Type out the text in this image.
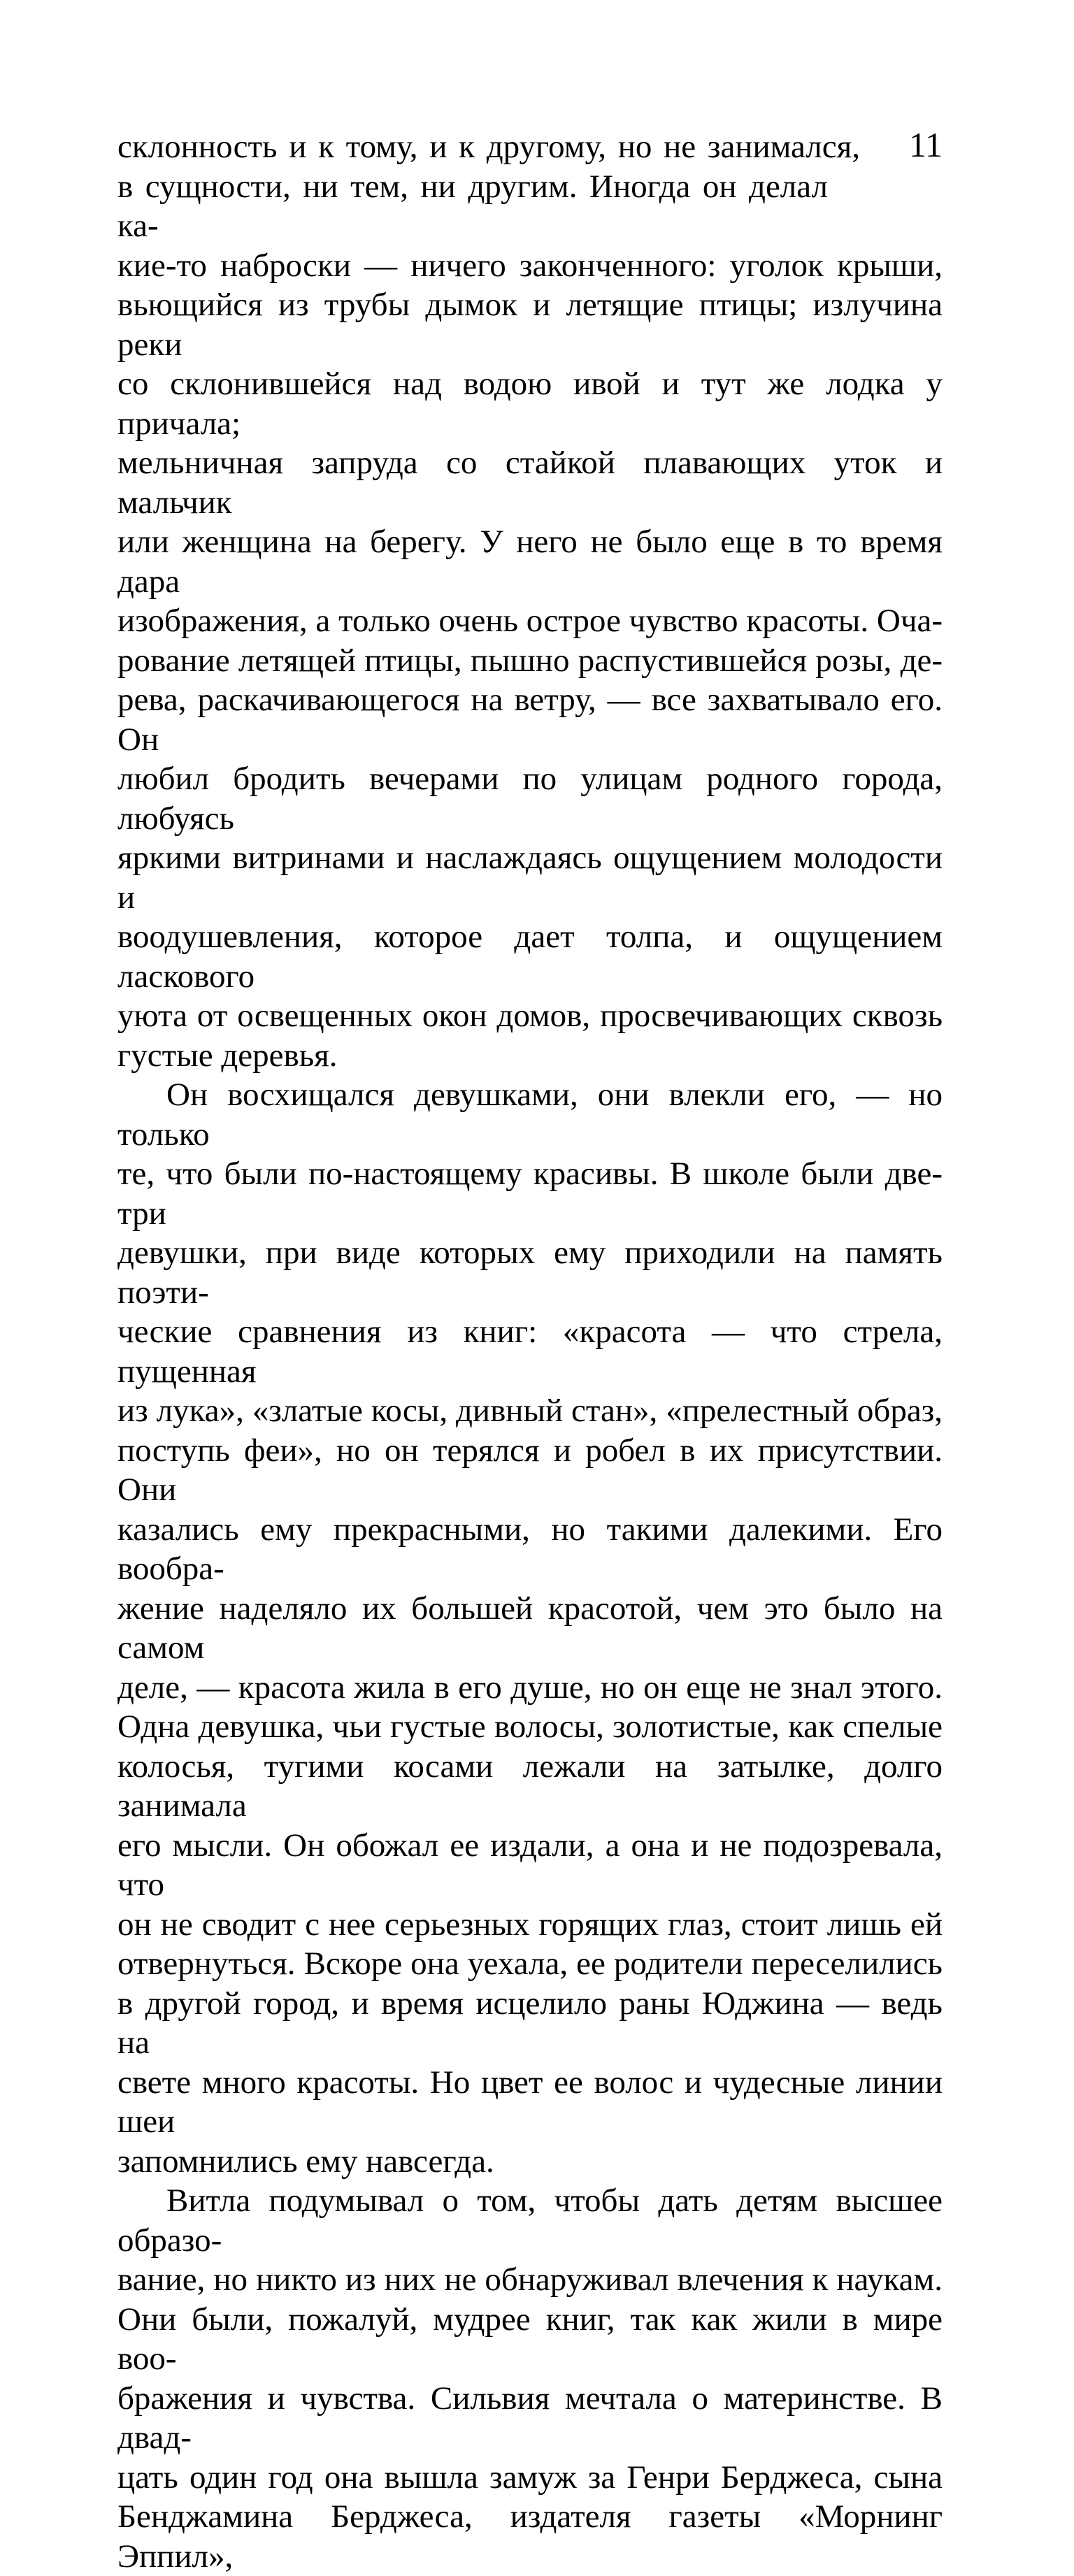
11
склонность и к тому, и к другому, но не занимался,
в сущности, ни тем, ни другим. Иногда он делал ка-
кие-то наброски — ничего законченного: уголок крыши,
вьющийся из трубы дымок и летящие птицы; излучина реки
со склонившейся над водою ивой и тут же лодка у причала;
мельничная запруда со стайкой плавающих уток и мальчик
или женщина на берегу. У него не было еще в то время дара
изображения, а только очень острое чувство красоты. Оча-
рование летящей птицы, пышно распустившейся розы, де-
рева, раскачивающегося на ветру, — все захватывало его. Он
любил бродить вечерами по улицам родного города, любуясь
яркими витринами и наслаждаясь ощущением молодости и
воодушевления, которое дает толпа, и ощущением ласкового
уюта от освещенных окон домов, просвечивающих сквозь
густые деревья.
Он восхищался девушками, они влекли его, — но только
те, что были по-настоящему красивы. В школе были две-три
девушки, при виде которых ему приходили на память поэти-
ческие сравнения из книг: «красота — что стрела, пущенная
из лука», «златые косы, дивный стан», «прелестный образ,
поступь феи», но он терялся и робел в их присутствии. Они
казались ему прекрасными, но такими далекими. Его вообра-
жение наделяло их большей красотой, чем это было на самом
деле, — красота жила в его душе, но он еще не знал этого.
Одна девушка, чьи густые волосы, золотистые, как спелые
колосья, тугими косами лежали на затылке, долго занимала
его мысли. Он обожал ее издали, а она и не подозревала, что
он не сводит с нее серьезных горящих глаз, стоит лишь ей
отвернуться. Вскоре она уехала, ее родители переселились
в другой город, и время исцелило раны Юджина — ведь на
свете много красоты. Но цвет ее волос и чудесные линии шеи
запомнились ему навсегда.
Витла подумывал о том, чтобы дать детям высшее образо-
вание, но никто из них не обнаруживал влечения к наукам.
Они были, пожалуй, мудрее книг, так как жили в мире воо-
бражения и чувства. Сильвия мечтала о материнстве. В двад-
цать один год она вышла замуж за Генри Берджеса, сына
Бенджамина Берджеса, издателя газеты «Морнинг Эппил»,
